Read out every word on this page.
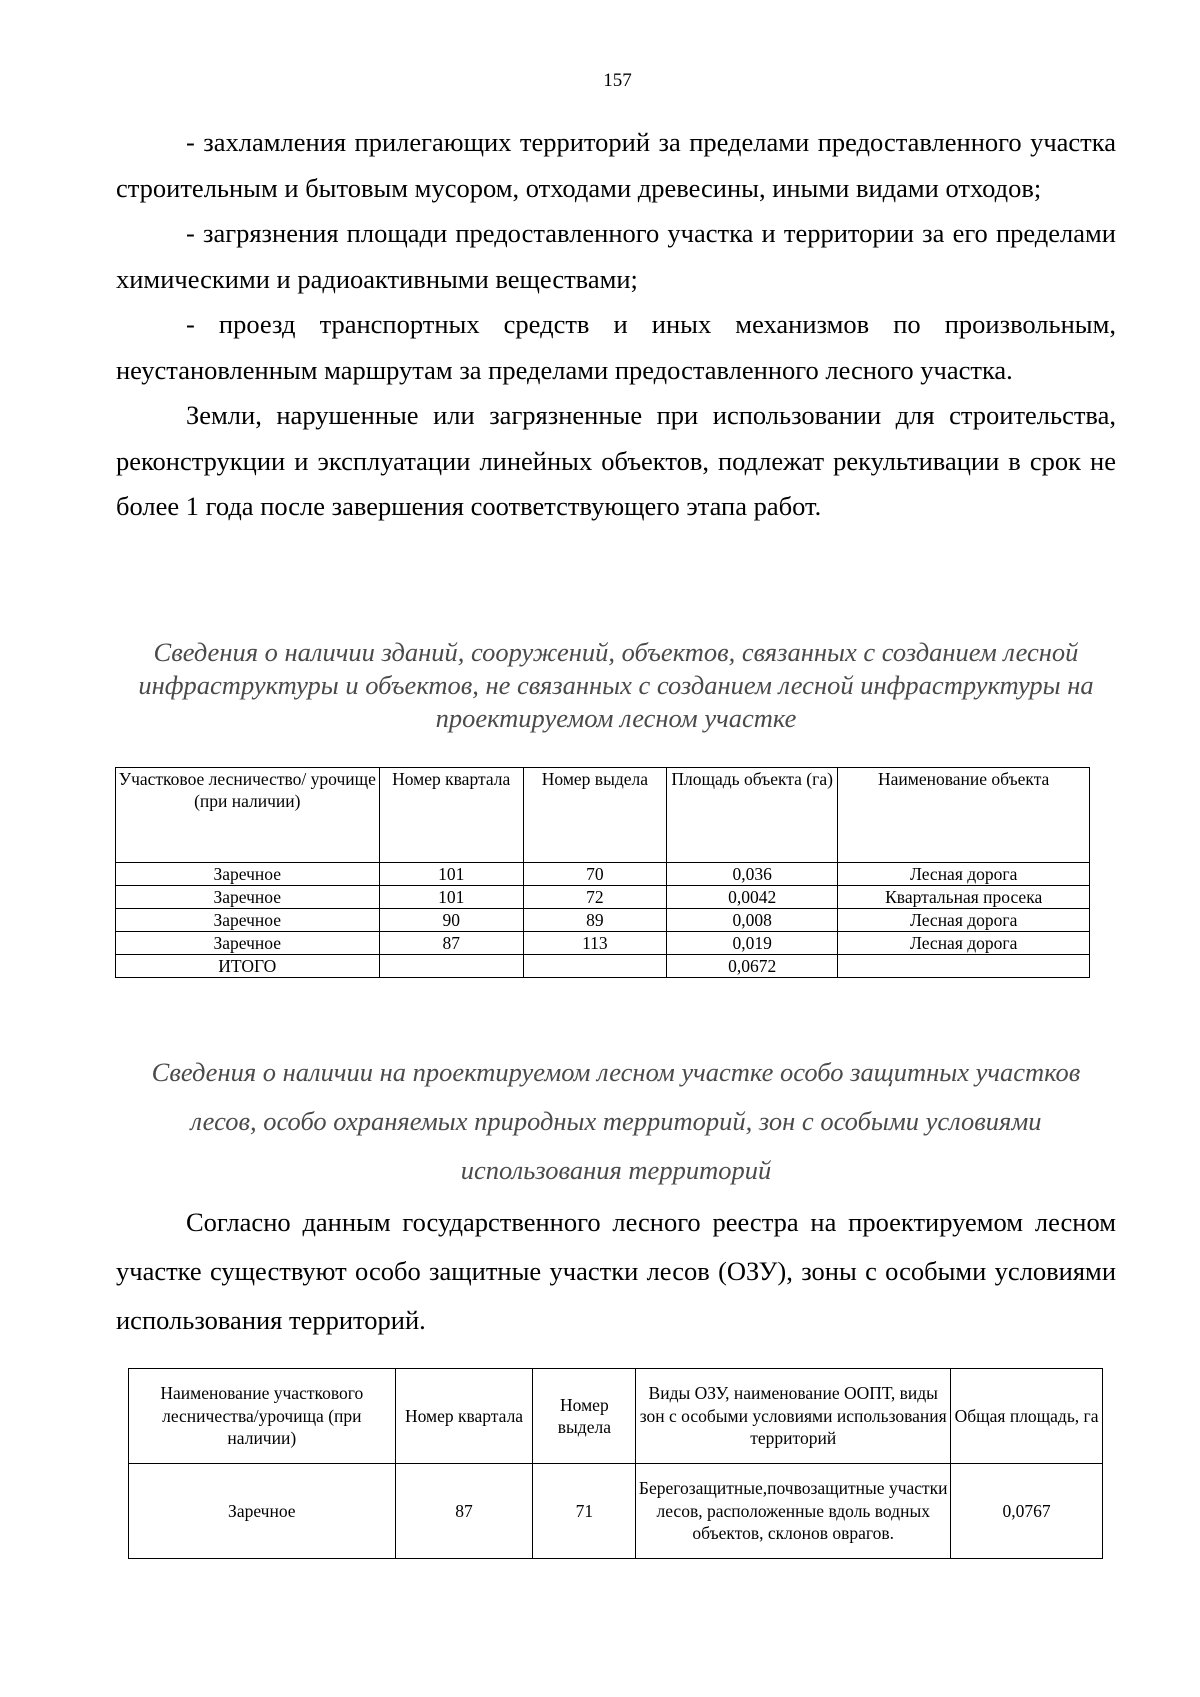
157

- захламления прилегающих территорий за пределами предоставленного участка строительным и бытовым мусором, отходами древесины, иными видами отходов;

- загрязнения площади предоставленного участка и территории за его пределами химическими и радиоактивными веществами;

- проезд транспортных средств и иных механизмов по произвольным, неустановленным маршрутам за пределами предоставленного лесного участка.

Земли, нарушенные или загрязненные при использовании для строительства, реконструкции и эксплуатации линейных объектов, подлежат рекультивации в срок не более 1 года после завершения соответствующего этапа работ.

Сведения о наличии зданий, сооружений, объектов, связанных с созданием лесной инфраструктуры и объектов, не связанных с созданием лесной инфраструктуры на проектируемом лесном участке
Участковое лесничество/ урочище (при наличии)	Номер квартала	Номер выдела	Площадь объекта (га)	Наименование объекта
Заречное	101	70	0,036	Лесная дорога
Заречное	101	72	0,0042	Квартальная просека
Заречное	90	89	0,008	Лесная дорога
Заречное	87	113	0,019	Лесная дорога
ИТОГО			0,0672	
Сведения о наличии на проектируемом лесном участке особо защитных участков лесов, особо охраняемых природных территорий, зон с особыми условиями использования территорий

Согласно данным государственного лесного реестра на проектируемом лесном участке существуют особо защитные участки лесов (ОЗУ), зоны с особыми условиями использования территорий.

Наименование участкового лесничества/урочища (при наличии)	Номер квартала	Номер выдела	Виды ОЗУ, наименование ООПТ, виды зон с особыми условиями использования территорий	Общая площадь, га
Заречное	87	71	Берегозащитные,почвозащитные участки лесов, расположенные вдоль водных объектов, склонов оврагов.	0,0767
